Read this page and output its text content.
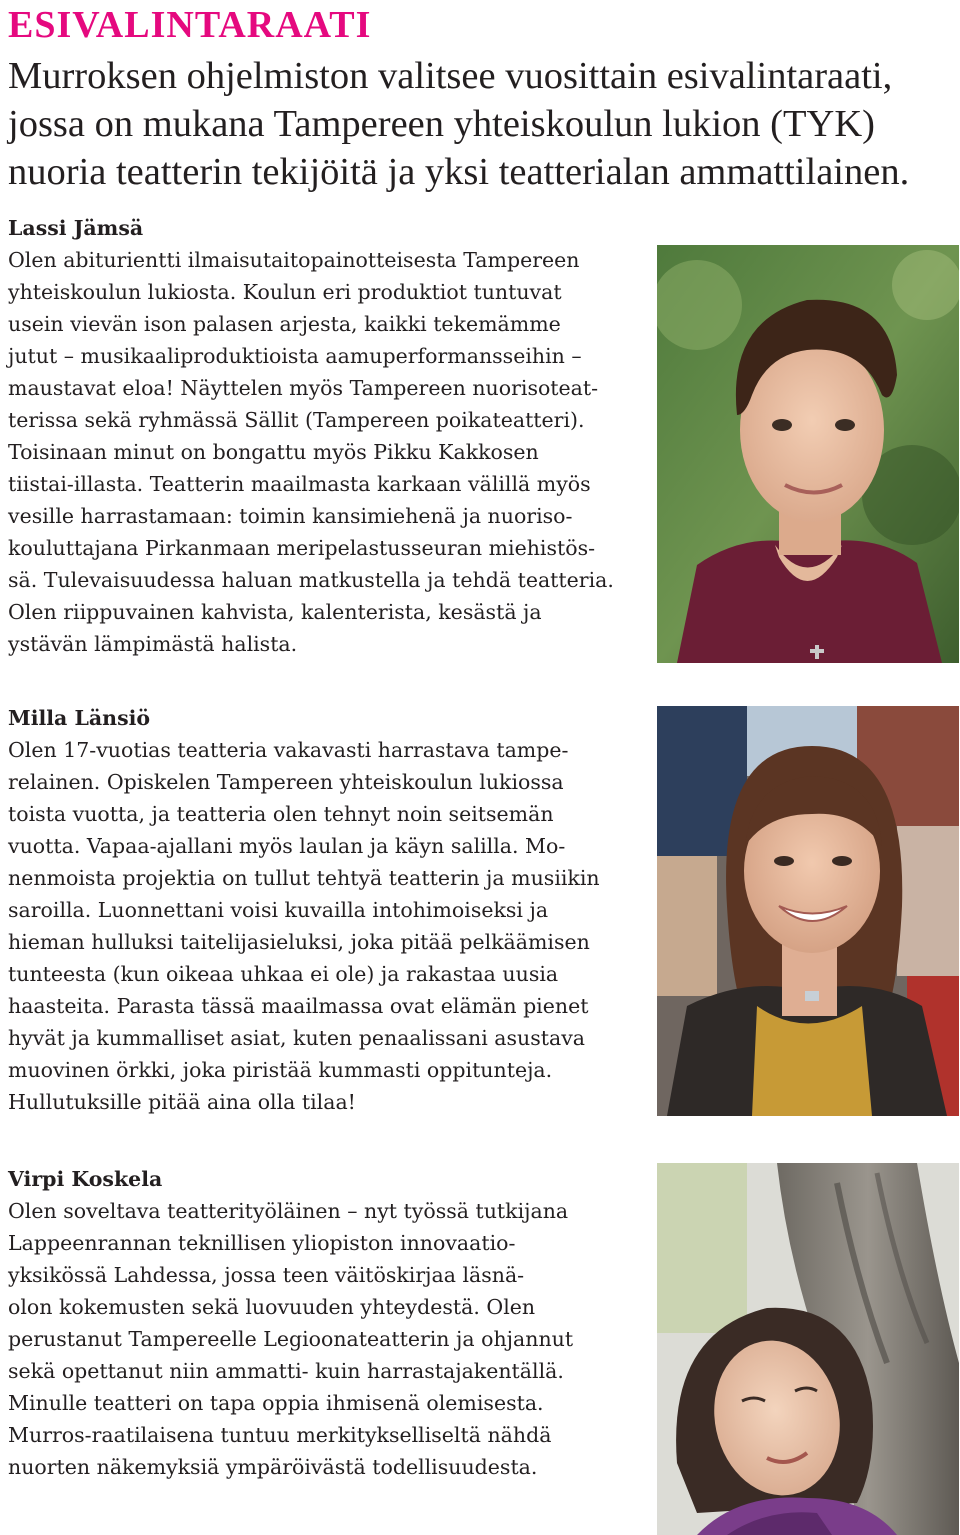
ESIVALINTARAATI

Murroksen ohjelmiston valitsee vuosittain esivalintaraati, jossa on mukana Tampereen yhteiskoulun lukion (TYK) nuoria teatterin tekijöitä ja yksi teatterialan ammattilainen.

Lassi Jämsä

Olen abiturientti ilmaisutaitopainotteisesta Tampereen
yhteiskoulun lukiosta. Koulun eri produktiot tuntuvat
usein vievän ison palasen arjesta, kaikki tekemämme
jutut – musikaaliproduktioista aamuperformansseihin –
maustavat eloa! Näyttelen myös Tampereen nuorisoteat-
terissa sekä ryhmässä Sällit (Tampereen poikateatteri).
Toisinaan minut on bongattu myös Pikku Kakkosen
tiistai-illasta. Teatterin maailmasta karkaan välillä myös
vesille harrastamaan: toimin kansimiehenä ja nuoriso-
kouluttajana Pirkanmaan meripelastusseuran miehistös-
sä. Tulevaisuudessa haluan matkustella ja tehdä teatteria.
Olen riippuvainen kahvista, kalenterista, kesästä ja
ystävän lämpimästä halista.

Milla Länsiö

Olen 17-vuotias teatteria vakavasti harrastava tampe-
relainen. Opiskelen Tampereen yhteiskoulun lukiossa
toista vuotta, ja teatteria olen tehnyt noin seitsemän
vuotta. Vapaa-ajallani myös laulan ja käyn salilla. Mo-
nenmoista projektia on tullut tehtyä teatterin ja musiikin
saroilla. Luonnettani voisi kuvailla intohimoiseksi ja
hieman hulluksi taitelijasieluksi, joka pitää pelkäämisen
tunteesta (kun oikeaa uhkaa ei ole) ja rakastaa uusia
haasteita. Parasta tässä maailmassa ovat elämän pienet
hyvät ja kummalliset asiat, kuten penaalissani asustava
muovinen örkki, joka piristää kummasti oppitunteja.
Hullutuksille pitää aina olla tilaa!

Virpi Koskela

Olen soveltava teatterityöläinen – nyt työssä tutkijana
Lappeenrannan teknillisen yliopiston innovaatio-
yksikössä Lahdessa, jossa teen väitöskirjaa läsnä-
olon kokemusten sekä luovuuden yhteydestä. Olen
perustanut Tampereelle Legioonateatterin ja ohjannut
sekä opettanut niin ammatti- kuin harrastajakentällä.
Minulle teatteri on tapa oppia ihmisenä olemisesta.
Murros-raatilaisena tuntuu merkitykselliseltä nähdä
nuorten näkemyksiä ympäröivästä todellisuudesta.
